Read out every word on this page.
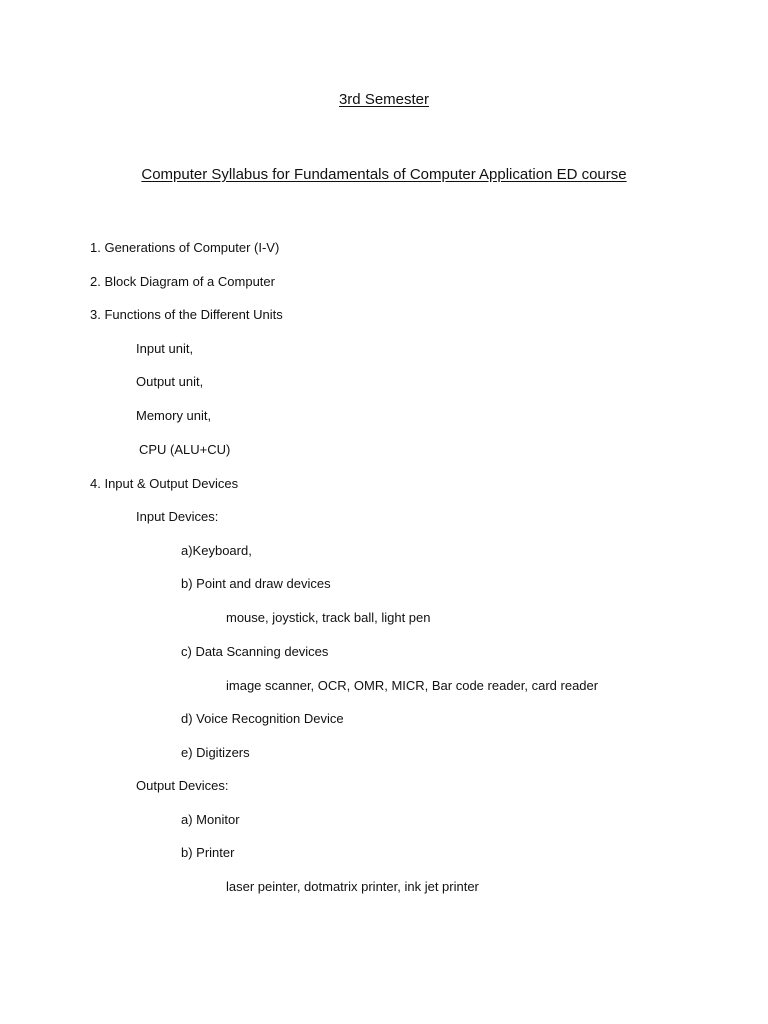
3rd Semester
Computer Syllabus for Fundamentals of Computer Application ED course
1. Generations of Computer (I-V)
2. Block Diagram of a Computer
3. Functions of the Different Units
Input unit,
Output unit,
Memory unit,
CPU (ALU+CU)
4. Input & Output Devices
Input Devices:
a)Keyboard,
b) Point and draw devices
mouse, joystick, track ball, light pen
c) Data Scanning devices
image scanner, OCR, OMR, MICR, Bar code reader, card reader
d) Voice Recognition Device
e) Digitizers
Output Devices:
a) Monitor
b) Printer
laser peinter, dotmatrix printer, ink jet printer
